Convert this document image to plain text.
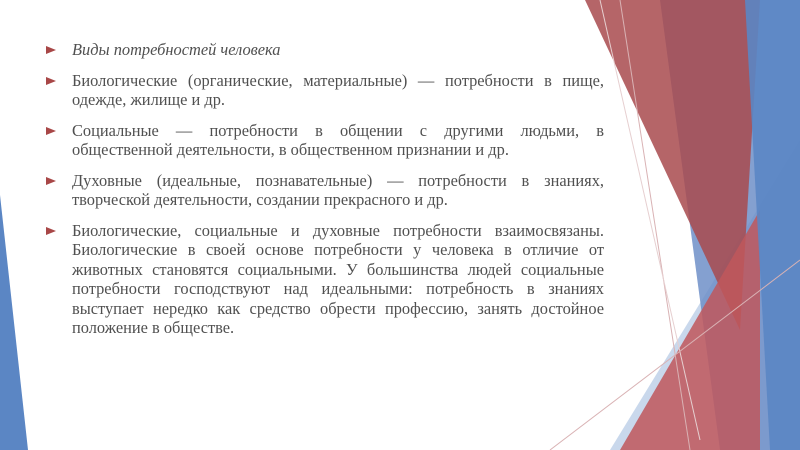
Виды потребностей человека
Биологические (органические, материальные) — потребности в пище, одежде, жилище и др.
Социальные — потребности в общении с другими людьми, в общественной деятельности, в общественном признании и др.
Духовные (идеальные, познавательные) — потребности в знаниях, творческой деятельности, создании прекрасного и др.
Биологические, социальные и духовные потребности взаимосвязаны. Биологические в своей основе потребности у человека в отличие от животных становятся социальными. У большинства людей социальные потребности господствуют над идеальными: потребность в знаниях выступает нередко как средство обрести профессию, занять достойное положение в обществе.
